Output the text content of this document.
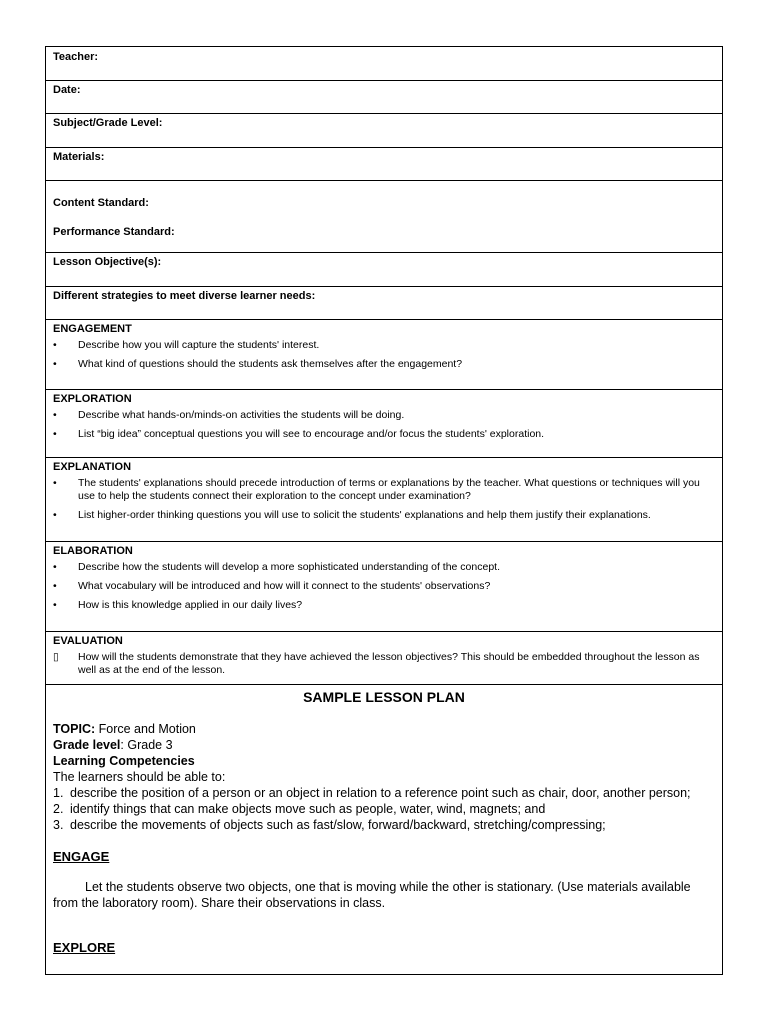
Teacher:
Date:
Subject/Grade Level:
Materials:
Content Standard:
Performance Standard:
Lesson Objective(s):
Different strategies to meet diverse learner needs:
ENGAGEMENT
•	Describe how you will capture the students' interest.
•	What kind of questions should the students ask themselves after the engagement?
EXPLORATION
•	Describe what hands-on/minds-on activities the students will be doing.
•	List “big idea” conceptual questions you will see to encourage and/or focus the students' exploration.
EXPLANATION
•	The students' explanations should precede introduction of terms or explanations by the teacher. What questions or techniques will you use to help the students connect their exploration to the concept under examination?
•	List higher-order thinking questions you will use to solicit the students' explanations and help them justify their explanations.
ELABORATION
•	Describe how the students will develop a more sophisticated understanding of the concept.
•	What vocabulary will be introduced and how will it connect to the students' observations?
•	How is this knowledge applied in our daily lives?
EVALUATION
▯	How will the students demonstrate that they have achieved the lesson objectives? This should be embedded throughout the lesson as well as at the end of the lesson.
SAMPLE LESSON PLAN
TOPIC: Force and Motion
Grade level: Grade 3
Learning Competencies
The learners should be able to:
1. describe the position of a person or an object in relation to a reference point such as chair, door, another person;
2. identify things that can make objects move such as people, water, wind, magnets; and
3. describe the movements of objects such as fast/slow, forward/backward, stretching/compressing;
ENGAGE
Let the students observe two objects, one that is moving while the other is stationary. (Use materials available from the laboratory room). Share their observations in class.
EXPLORE
